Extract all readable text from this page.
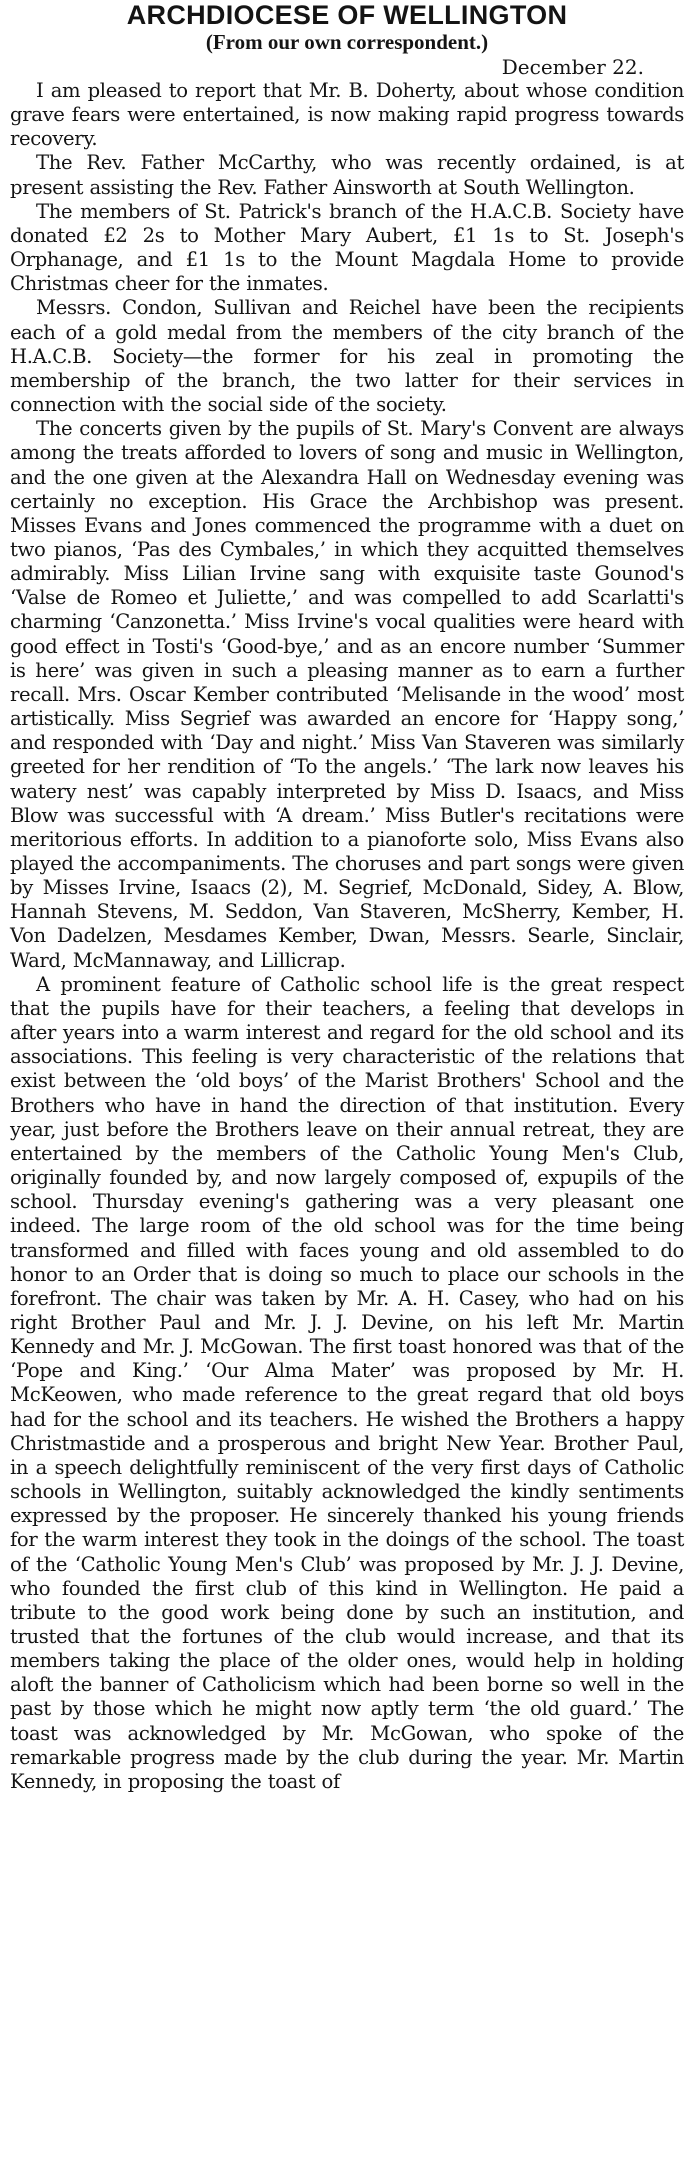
ARCHDIOCESE OF WELLINGTON
(From our own correspondent.)
December 22.

I am pleased to report that Mr. B. Doherty, about whose condition grave fears were entertained, is now making rapid progress towards recovery.

The Rev. Father McCarthy, who was recently ordained, is at present assisting the Rev. Father Ainsworth at South Wellington.

The members of St. Patrick's branch of the H.A.C.B. Society have donated £2 2s to Mother Mary Aubert, £1 1s to St. Joseph's Orphanage, and £1 1s to the Mount Magdala Home to provide Christmas cheer for the inmates.

Messrs. Condon, Sullivan and Reichel have been the recipients each of a gold medal from the members of the city branch of the H.A.C.B. Society—the former for his zeal in promoting the membership of the branch, the two latter for their services in connection with the social side of the society.

The concerts given by the pupils of St. Mary's Convent are always among the treats afforded to lovers of song and music in Wellington, and the one given at the Alexandra Hall on Wednesday evening was certainly no exception. His Grace the Archbishop was present. Misses Evans and Jones commenced the programme with a duet on two pianos, ‘Pas des Cymbales,’ in which they acquitted themselves admirably. Miss Lilian Irvine sang with exquisite taste Gounod's ‘Valse de Romeo et Juliette,’ and was compelled to add Scarlatti's charming ‘Canzonetta.’ Miss Irvine's vocal qualities were heard with good effect in Tosti's ‘Good-bye,’ and as an encore number ‘Summer is here’ was given in such a pleasing manner as to earn a further recall. Mrs. Oscar Kember contributed ‘Melisande in the wood’ most artistically. Miss Segrief was awarded an encore for ‘Happy song,’ and responded with ‘Day and night.’ Miss Van Staveren was similarly greeted for her rendition of ‘To the angels.’ ‘The lark now leaves his watery nest’ was capably interpreted by Miss D. Isaacs, and Miss Blow was successful with ‘A dream.’ Miss Butler's recitations were meritorious efforts. In addition to a pianoforte solo, Miss Evans also played the accompaniments. The choruses and part songs were given by Misses Irvine, Isaacs (2), M. Segrief, McDonald, Sidey, A. Blow, Hannah Stevens, M. Seddon, Van Staveren, McSherry, Kember, H. Von Dadelzen, Mesdames Kember, Dwan, Messrs. Searle, Sinclair, Ward, McMannaway, and Lillicrap.

A prominent feature of Catholic school life is the great respect that the pupils have for their teachers, a feeling that develops in after years into a warm interest and regard for the old school and its associations. This feeling is very characteristic of the relations that exist between the ‘old boys’ of the Marist Brothers' School and the Brothers who have in hand the direction of that institution. Every year, just before the Brothers leave on their annual retreat, they are entertained by the members of the Catholic Young Men's Club, originally founded by, and now largely composed of, expupils of the school. Thursday evening's gathering was a very pleasant one indeed. The large room of the old school was for the time being transformed and filled with faces young and old assembled to do honor to an Order that is doing so much to place our schools in the forefront. The chair was taken by Mr. A. H. Casey, who had on his right Brother Paul and Mr. J. J. Devine, on his left Mr. Martin Kennedy and Mr. J. McGowan. The first toast honored was that of the ‘Pope and King.’ ‘Our Alma Mater’ was proposed by Mr. H. McKeowen, who made reference to the great regard that old boys had for the school and its teachers. He wished the Brothers a happy Christmastide and a prosperous and bright New Year. Brother Paul, in a speech delightfully reminiscent of the very first days of Catholic schools in Wellington, suitably acknowledged the kindly sentiments expressed by the proposer. He sincerely thanked his young friends for the warm interest they took in the doings of the school. The toast of the ‘Catholic Young Men's Club’ was proposed by Mr. J. J. Devine, who founded the first club of this kind in Wellington. He paid a tribute to the good work being done by such an institution, and trusted that the fortunes of the club would increase, and that its members taking the place of the older ones, would help in holding aloft the banner of Catholicism which had been borne so well in the past by those which he might now aptly term ‘the old guard.’ The toast was acknowledged by Mr. McGowan, who spoke of the remarkable progress made by the club during the year. Mr. Martin Kennedy, in proposing the toast of
